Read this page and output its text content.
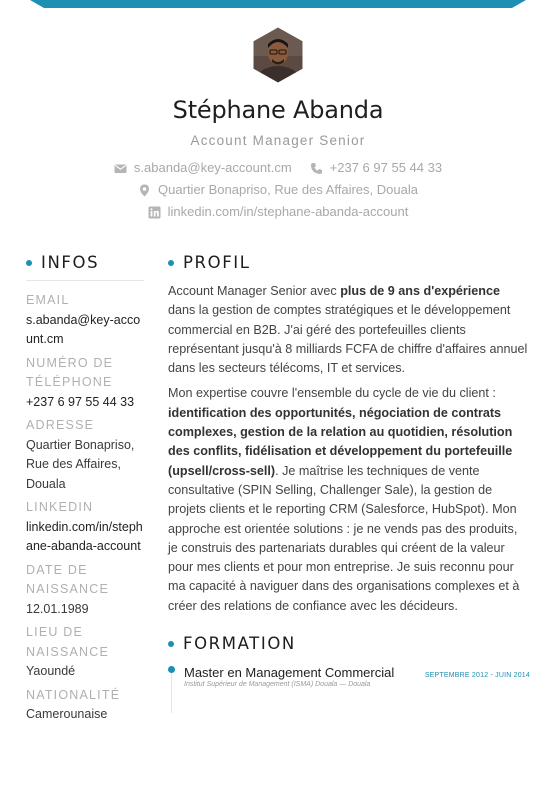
Stéphane Abanda
Account Manager Senior
s.abanda@key-account.cm	+237 6 97 55 44 33
Quartier Bonapriso, Rue des Affaires, Douala
linkedin.com/in/stephane-abanda-account
INFOS
EMAIL
s.abanda@key-account.cm
NUMÉRO DE TÉLÉPHONE
+237 6 97 55 44 33
ADRESSE
Quartier Bonapriso, Rue des Affaires, Douala
LINKEDIN
linkedin.com/in/stephane-abanda-account
DATE DE NAISSANCE
12.01.1989
LIEU DE NAISSANCE
Yaoundé
NATIONALITÉ
Camerounaise
PROFIL

Account Manager Senior avec plus de 9 ans d'expérience dans la gestion de comptes stratégiques et le développement commercial en B2B. J'ai géré des portefeuilles clients représentant jusqu'à 8 milliards FCFA de chiffre d'affaires annuel dans les secteurs télécoms, IT et services.

Mon expertise couvre l'ensemble du cycle de vie du client : identification des opportunités, négociation de contrats complexes, gestion de la relation au quotidien, résolution des conflits, fidélisation et développement du portefeuille (upsell/cross-sell). Je maîtrise les techniques de vente consultative (SPIN Selling, Challenger Sale), la gestion de projets clients et le reporting CRM (Salesforce, HubSpot). Mon approche est orientée solutions : je ne vends pas des produits, je construis des partenariats durables qui créent de la valeur pour mes clients et pour mon entreprise. Je suis reconnu pour ma capacité à naviguer dans des organisations complexes et à créer des relations de confiance avec les décideurs.

FORMATION
Master en Management Commercial	SEPTEMBRE 2012 - JUIN 2014
Institut Supérieur de Management (ISMA) Douala — Douala
